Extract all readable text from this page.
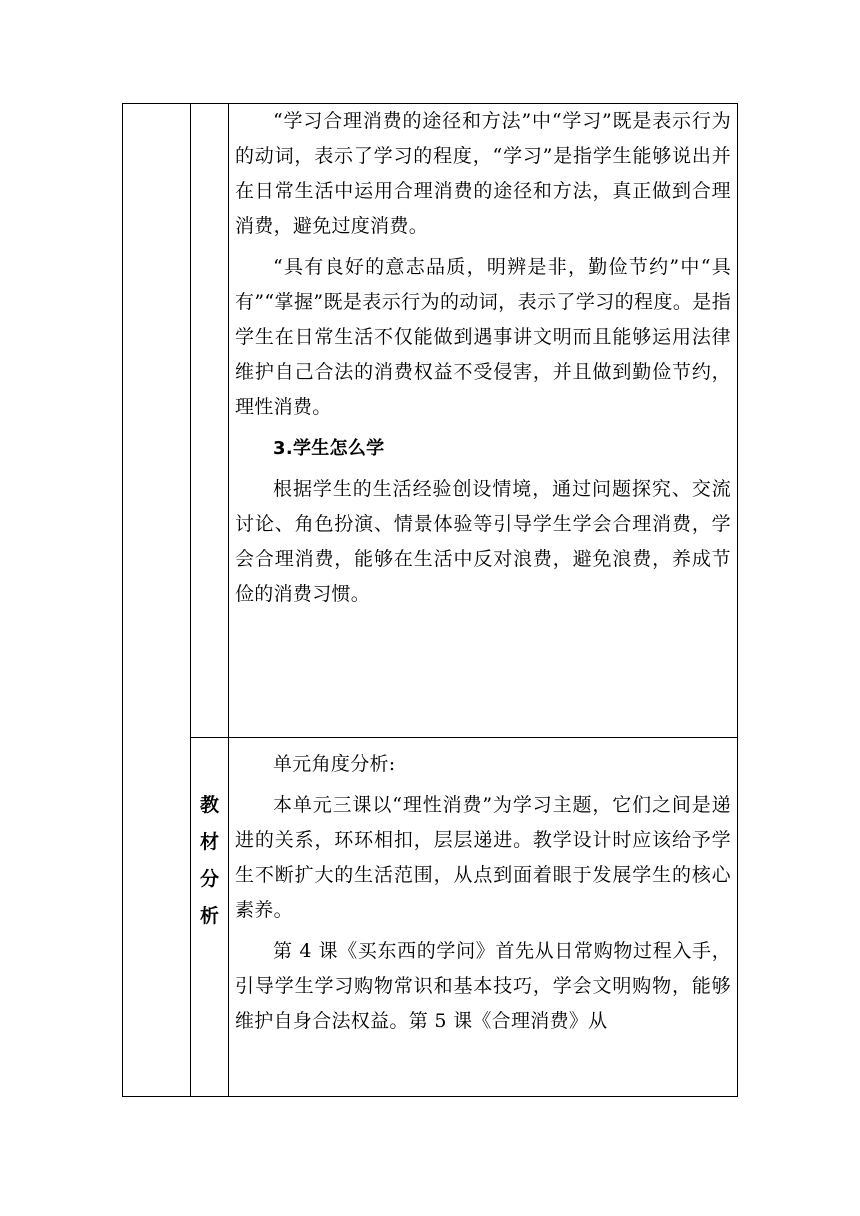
“学习合理消费的途径和方法”中“学习”既是表示行为的动词，表示了学习的程度，“学习”是指学生能够说出并在日常生活中运用合理消费的途径和方法，真正做到合理消费，避免过度消费。

“具有良好的意志品质，明辨是非，勤俭节约”中“具有”“掌握”既是表示行为的动词，表示了学习的程度。是指学生在日常生活不仅能做到遇事讲文明而且能够运用法律维护自己合法的消费权益不受侵害，并且做到勤俭节约，理性消费。

3.学生怎么学

根据学生的生活经验创设情境，通过问题探究、交流讨论、角色扮演、情景体验等引导学生学会合理消费，学会合理消费，能够在生活中反对浪费，避免浪费，养成节俭的消费习惯。

教
材
分
析

单元角度分析:

本单元三课以“理性消费”为学习主题，它们之间是递进的关系，环环相扣，层层递进。教学设计时应该给予学生不断扩大的生活范围，从点到面着眼于发展学生的核心素养。

第 4 课《买东西的学问》首先从日常购物过程入手，引导学生学习购物常识和基本技巧，学会文明购物，能够维护自身合法权益。第 5 课《合理消费》从
